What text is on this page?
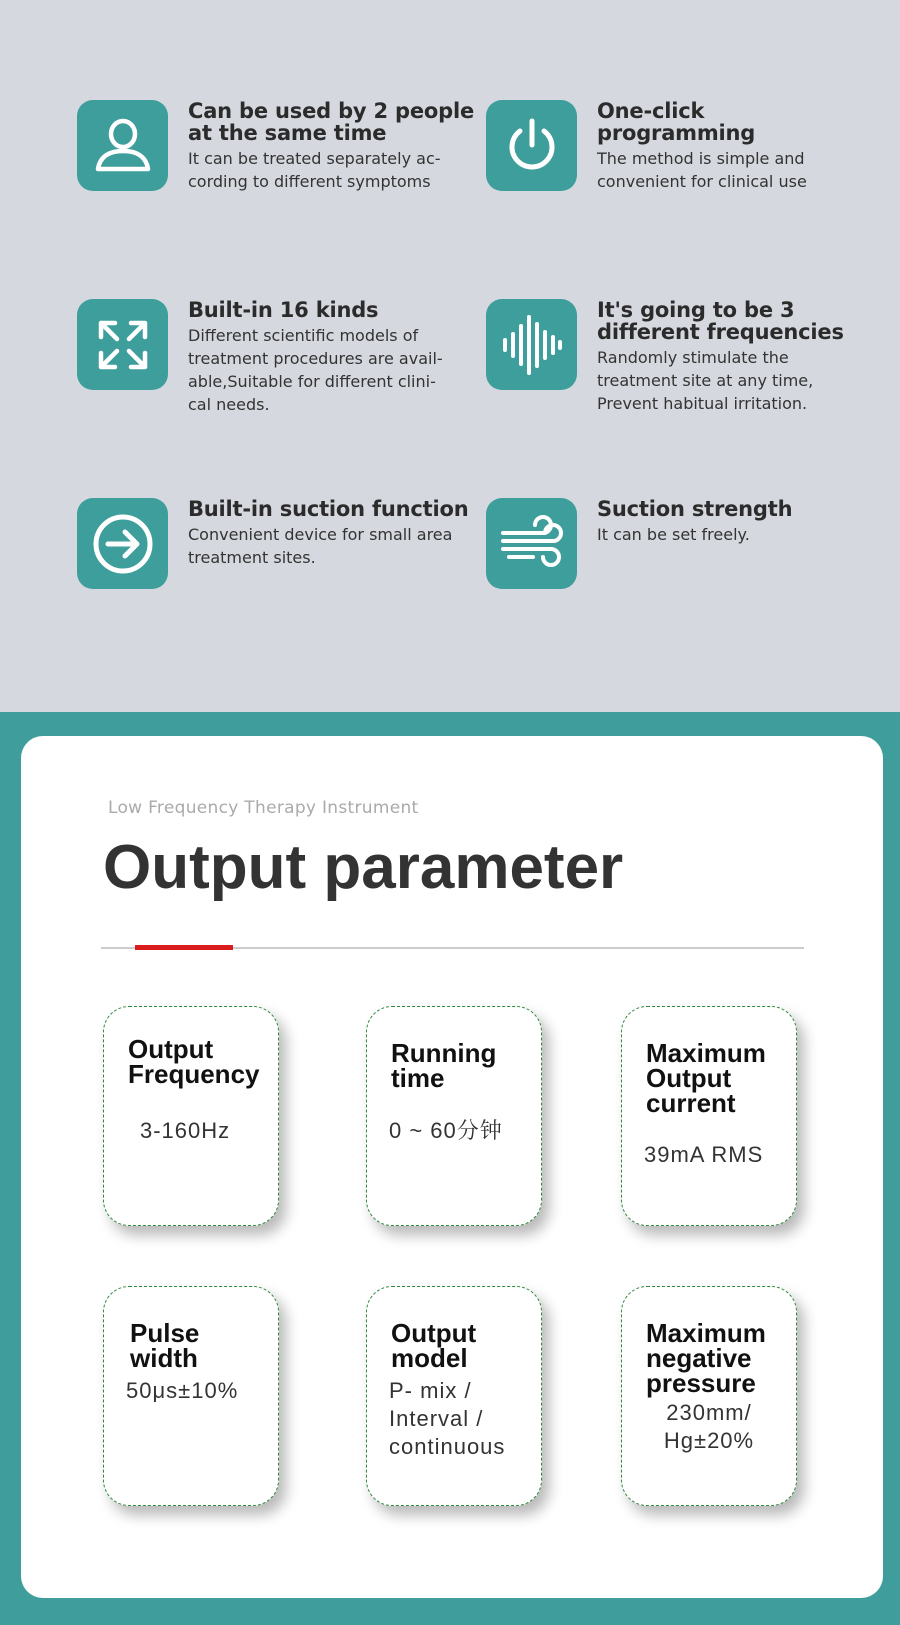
Can be used by 2 people at the same time

It can be treated separately ac-
cording to different symptoms

One-click programming

The method is simple and
convenient for clinical use

Built-in 16 kinds

Different scientific models of
treatment procedures are avail-
able,Suitable for different clini-
cal needs.

It's going to be 3 different frequencies

Randomly stimulate the
treatment site at any time,
Prevent habitual irritation.

Built-in suction function

Convenient device for small area
treatment sites.

Suction strength

It can be set freely.

Low Frequency Therapy Instrument
Output parameter

Output
Frequency

3-160Hz

Running
time

0 ~ 60分钟

Maximum
Output
current

39mA RMS

Pulse
width

50μs±10%

Output
model

P- mix /
Interval /
continuous

Maximum
negative
pressure

230mm/
Hg±20%
